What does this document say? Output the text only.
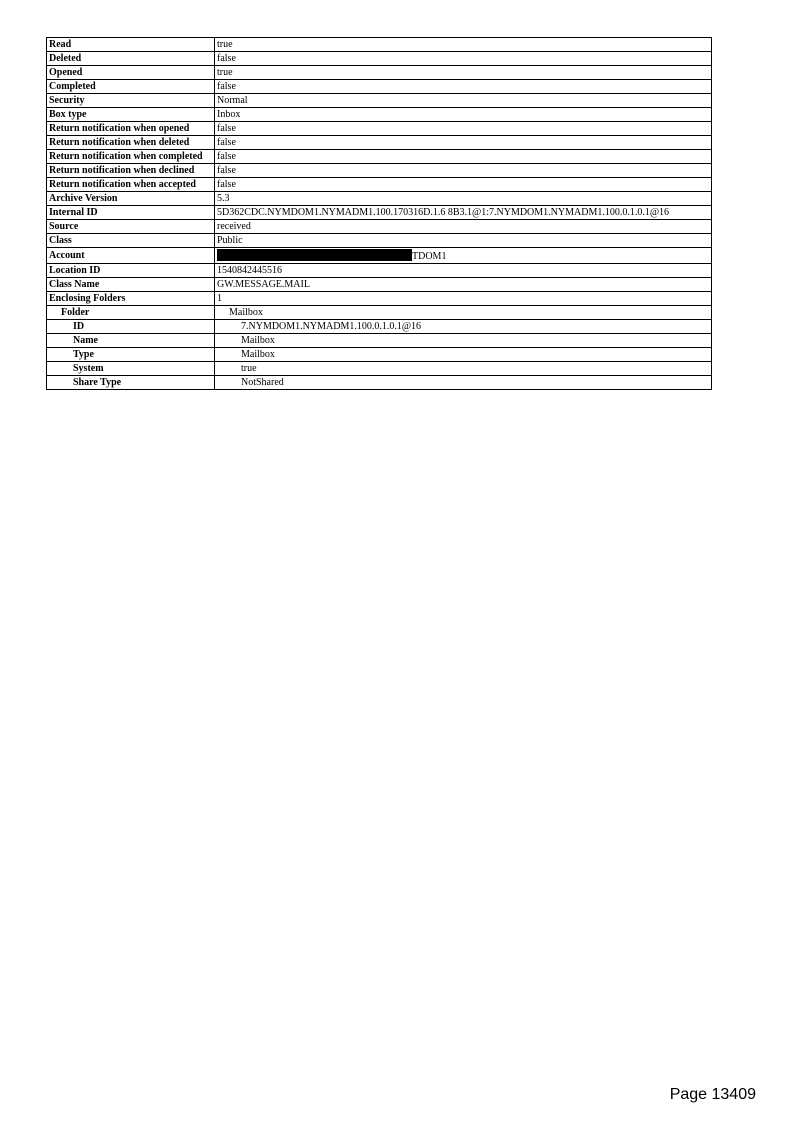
Read	true
Deleted	false
Opened	true
Completed	false
Security	Normal
Box type	Inbox
Return notification when opened	false
Return notification when deleted	false
Return notification when completed	false
Return notification when declined	false
Return notification when accepted	false
Archive Version	5.3
Internal ID	5D362CDC.NYMDOM1.NYMADM1.100.170316D.1.6 8B3.1@1:7.NYMDOM1.NYMADM1.100.0.1.0.1@16
Source	received
Class	Public
Account	TDOM1
Location ID	1540842445516
Class Name	GW.MESSAGE.MAIL
Enclosing Folders	1
Folder	Mailbox
ID	7.NYMDOM1.NYMADM1.100.0.1.0.1@16
Name	Mailbox
Type	Mailbox
System	true
Share Type	NotShared
Page 13409
